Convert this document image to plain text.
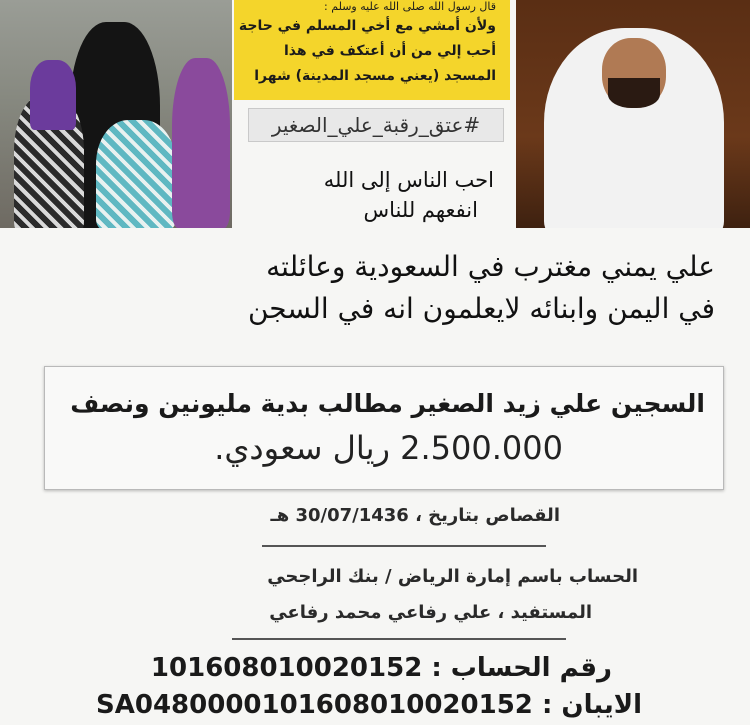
قال رسول الله صلى الله عليه وسلم :
ولأن أمشي مع أخي المسلم في حاجة
أحب إلي من أن أعتكف في هذا
المسجد (يعني مسجد المدينة) شهرا
#عتق_رقبة_علي_الصغير
احب الناس إلى الله
انفعهم للناس
علي يمني مغترب في السعودية وعائلته
في اليمن وابنائه لايعلمون انه في السجن
السجين علي زيد الصغير مطالب بدية مليونين ونصف
2.500.000 ريال سعودي.
القصاص بتاريخ ، 30/07/1436 هـ
الحساب باسم إمارة الرياض / بنك الراجحي
المستفيد ، علي رفاعي محمد رفاعي
رقم الحساب : 101608010020152
الايبان : SA0480000101608010020152
